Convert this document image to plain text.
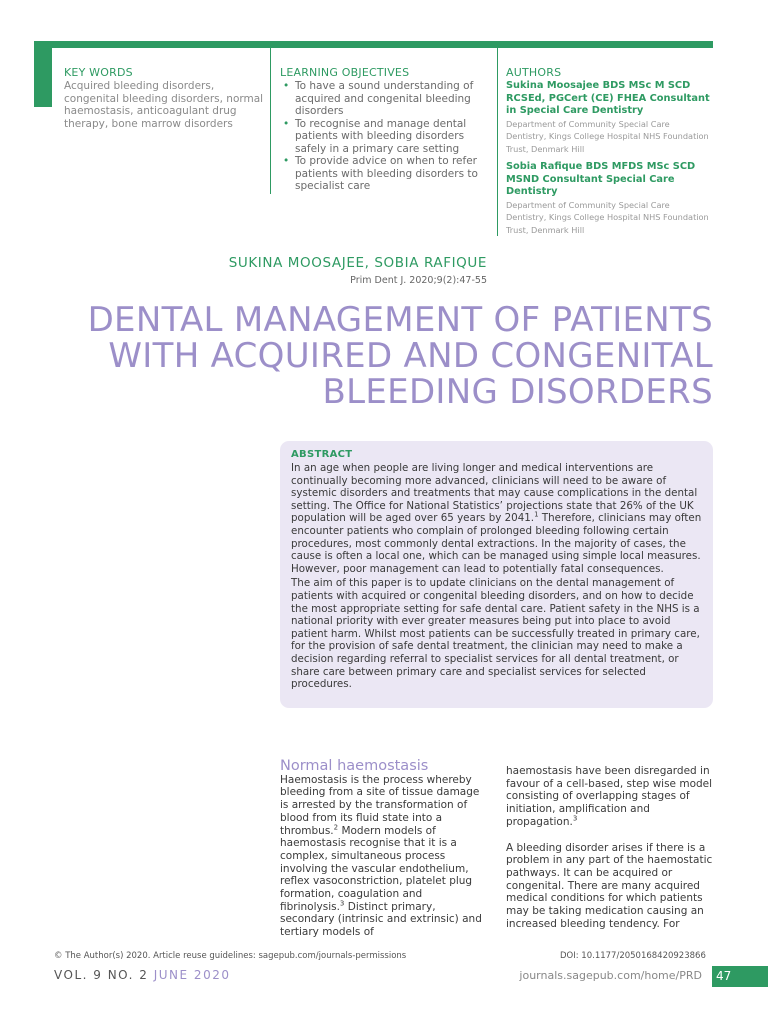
KEY WORDS
Acquired bleeding disorders, congenital bleeding disorders, normal haemostasis, anticoagulant drug therapy, bone marrow disorders
LEARNING OBJECTIVES
• To have a sound understanding of acquired and congenital bleeding disorders
• To recognise and manage dental patients with bleeding disorders safely in a primary care setting
• To provide advice on when to refer patients with bleeding disorders to specialist care
AUTHORS
Sukina Moosajee BDS MSc M SCD RCSEd, PGCert (CE) FHEA Consultant in Special Care Dentistry
Department of Community Special Care Dentistry, Kings College Hospital NHS Foundation Trust, Denmark Hill
Sobia Rafique BDS MFDS MSc SCD MSND Consultant Special Care Dentistry
Department of Community Special Care Dentistry, Kings College Hospital NHS Foundation Trust, Denmark Hill
SUKINA MOOSAJEE, SOBIA RAFIQUE
Prim Dent J. 2020;9(2):47-55
DENTAL MANAGEMENT OF PATIENTS WITH ACQUIRED AND CONGENITAL BLEEDING DISORDERS
ABSTRACT

In an age when people are living longer and medical interventions are continually becoming more advanced, clinicians will need to be aware of systemic disorders and treatments that may cause complications in the dental setting. The Office for National Statistics’ projections state that 26% of the UK population will be aged over 65 years by 2041.$^1$ Therefore, clinicians may often encounter patients who complain of prolonged bleeding following certain procedures, most commonly dental extractions. In the majority of cases, the cause is often a local one, which can be managed using simple local measures. However, poor management can lead to potentially fatal consequences.

The aim of this paper is to update clinicians on the dental management of patients with acquired or congenital bleeding disorders, and on how to decide the most appropriate setting for safe dental care. Patient safety in the NHS is a national priority with ever greater measures being put into place to avoid patient harm. Whilst most patients can be successfully treated in primary care, for the provision of safe dental treatment, the clinician may need to make a decision regarding referral to specialist services for all dental treatment, or share care between primary care and specialist services for selected procedures.

Normal haemostasis
Haemostasis is the process whereby bleeding from a site of tissue damage is arrested by the transformation of blood from its fluid state into a thrombus.$^2$ Modern models of haemostasis recognise that it is a complex, simultaneous process involving the vascular endothelium, reflex vasoconstriction, platelet plug formation, coagulation and fibrinolysis.$^3$ Distinct primary, secondary (intrinsic and extrinsic) and tertiary models of

haemostasis have been disregarded in favour of a cell-based, step wise model consisting of overlapping stages of initiation, amplification and propagation.$^3$

A bleeding disorder arises if there is a problem in any part of the haemostatic pathways. It can be acquired or congenital. There are many acquired medical conditions for which patients may be taking medication causing an increased bleeding tendency. For

© The Author(s) 2020. Article reuse guidelines: sagepub.com/journals-permissions	DOI: 10.1177/2050168420923866
VOL. 9 NO. 2 JUNE 2020	journals.sagepub.com/home/PRD	47
